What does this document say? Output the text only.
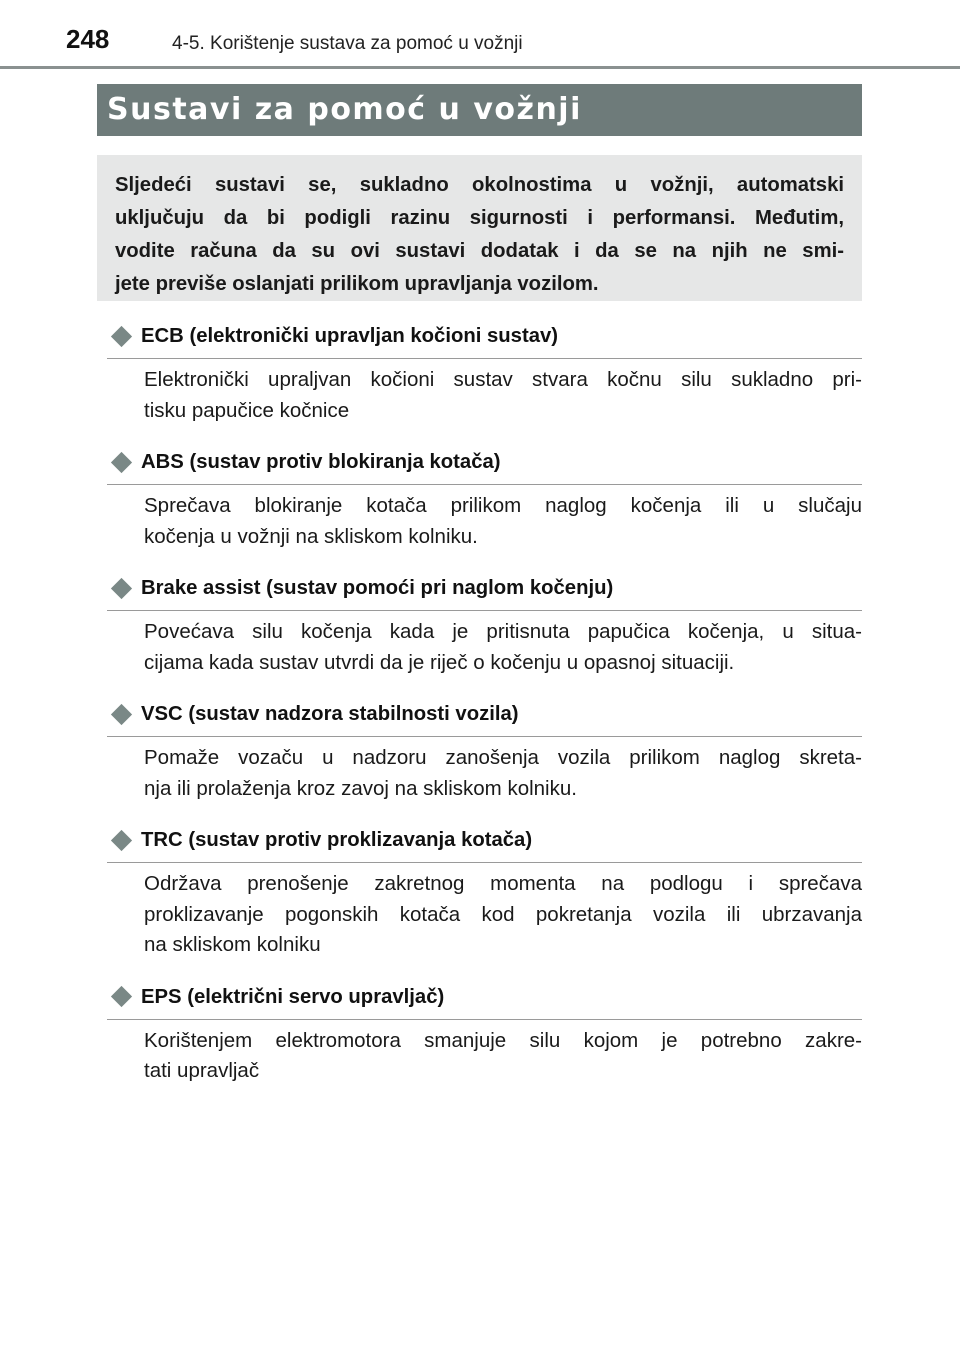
248	4-5. Korištenje sustava za pomoć u vožnji
Sustavi za pomoć u vožnji

Sljedeći sustavi se, sukladno okolnostima u vožnji, automatski
uključuju da bi podigli razinu sigurnosti i performansi. Međutim,
vodite računa da su ovi sustavi dodatak i da se na njih ne smi-
jete previše oslanjati prilikom upravljanja vozilom.

ECB (elektronički upravljan kočioni sustav)
Elektronički upraljvan kočioni sustav stvara kočnu silu sukladno pri-
tisku papučice kočnice
ABS (sustav protiv blokiranja kotača)
Sprečava blokiranje kotača prilikom naglog kočenja ili u slučaju
kočenja u vožnji na skliskom kolniku.
Brake assist (sustav pomoći pri naglom kočenju)
Povećava silu kočenja kada je pritisnuta papučica kočenja, u situa-
cijama kada sustav utvrdi da je riječ o kočenju u opasnoj situaciji.
VSC (sustav nadzora stabilnosti vozila)
Pomaže vozaču u nadzoru zanošenja vozila prilikom naglog skreta-
nja ili prolaženja kroz zavoj na skliskom kolniku.
TRC (sustav protiv proklizavanja kotača)
Održava prenošenje zakretnog momenta na podlogu i sprečava
proklizavanje pogonskih kotača kod pokretanja vozila ili ubrzavanja
na skliskom kolniku
EPS (električni servo upravljač)
Korištenjem elektromotora smanjuje silu kojom je potrebno zakre-
tati upravljač
